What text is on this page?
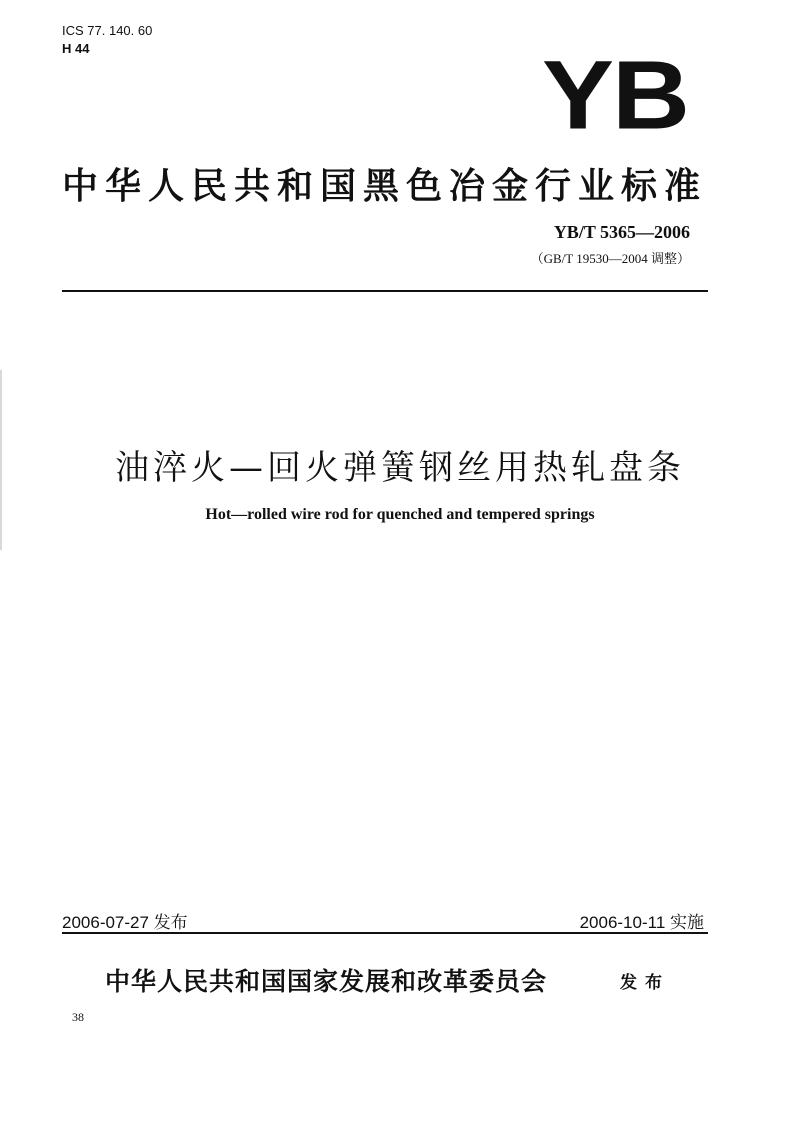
ICS 77. 140. 60
H 44	YB
中华人民共和国黑色冶金行业标准
YB/T 5365—2006
（GB/T 19530—2004 调整）
油淬火—回火弹簧钢丝用热轧盘条
Hot—rolled wire rod for quenched and tempered springs
2006-07-27 发布	2006-10-11 实施
中华人民共和国国家发展和改革委员会	发布
38
